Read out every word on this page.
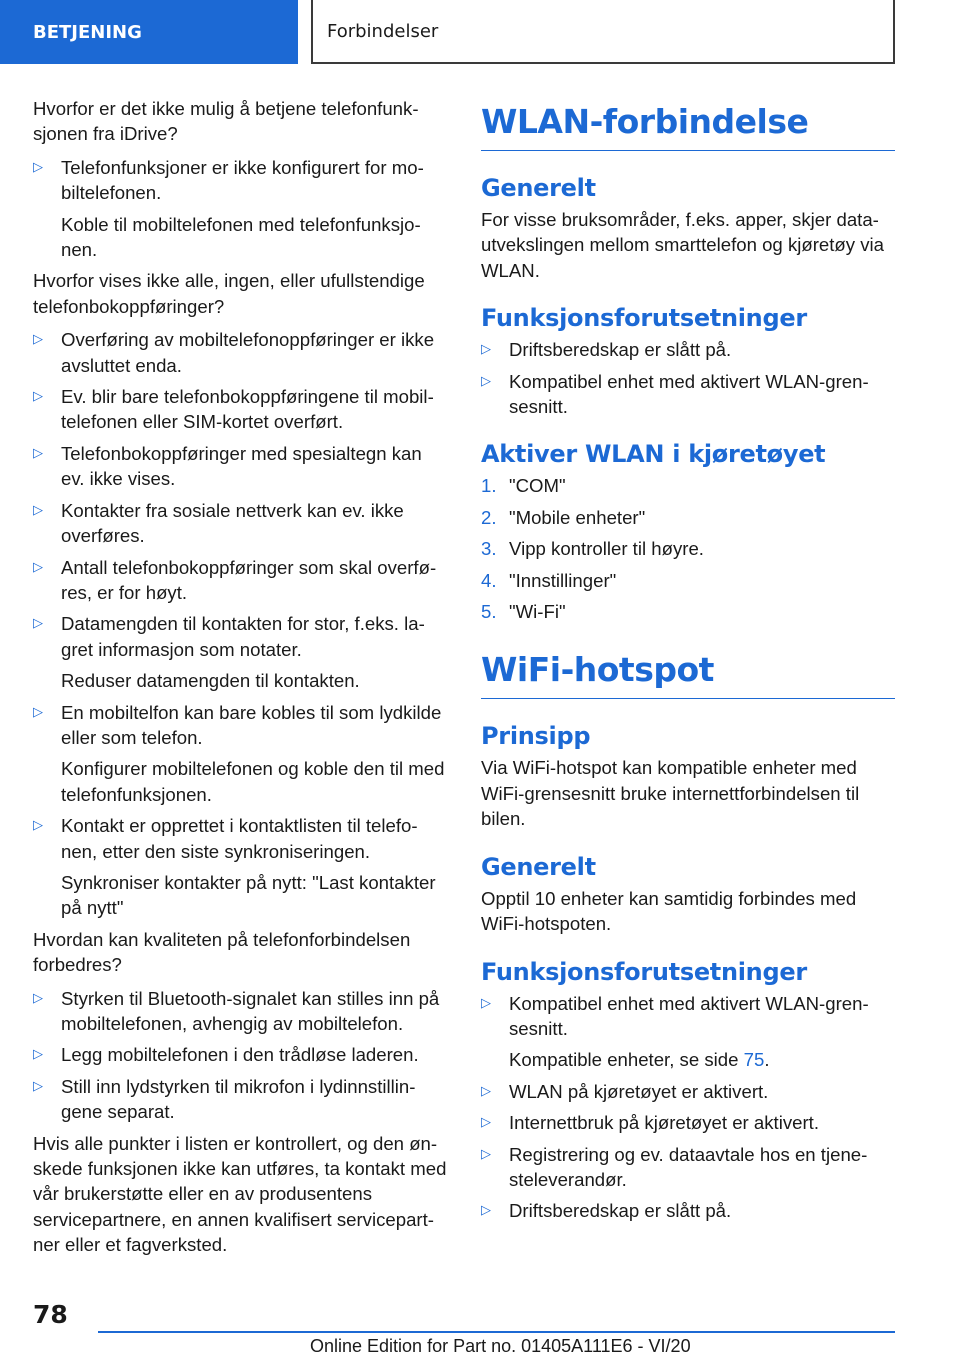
BETJENING	Forbindelser

Hvorfor er det ikke mulig å betjene telefonfunksjonen fra iDrive?

▷ Telefonfunksjoner er ikke konfigurert for mobiltelefonen.
Koble til mobiltelefonen med telefonfunksjonen.

Hvorfor vises ikke alle, ingen, eller ufullstendige telefonbokoppføringer?

▷ Overføring av mobiltelefonoppføringer er ikke avsluttet enda.
▷ Ev. blir bare telefonbokoppføringene til mobiltelefonen eller SIM-kortet overført.
▷ Telefonbokoppføringer med spesialtegn kan ev. ikke vises.
▷ Kontakter fra sosiale nettverk kan ev. ikke overføres.
▷ Antall telefonbokoppføringer som skal overføres, er for høyt.
▷ Datamengden til kontakten for stor, f.eks. lagret informasjon som notater.
Reduser datamengden til kontakten.
▷ En mobiltelfon kan bare kobles til som lydkilde eller som telefon.
Konfigurer mobiltelefonen og koble den til med telefonfunksjonen.
▷ Kontakt er opprettet i kontaktlisten til telefonen, etter den siste synkroniseringen.
Synkroniser kontakter på nytt: "Last kontakter på nytt"

Hvordan kan kvaliteten på telefonforbindelsen forbedres?

▷ Styrken til Bluetooth-signalet kan stilles inn på mobiltelefonen, avhengig av mobiltelefon.
▷ Legg mobiltelefonen i den trådløse laderen.
▷ Still inn lydstyrken til mikrofon i lydinnstillingene separat.

Hvis alle punkter i listen er kontrollert, og den ønskede funksjonen ikke kan utføres, ta kontakt med vår brukerstøtte eller en av produsentens servicepartnere, en annen kvalifisert servicepartner eller et fagverksted.

WLAN-forbindelse
Generelt

For visse bruksområder, f.eks. apper, skjer datautvekslingen mellom smarttelefon og kjøretøy via WLAN.

Funksjonsforutsetninger
▷ Driftsberedskap er slått på.
▷ Kompatibel enhet med aktivert WLAN-grensesnitt.
Aktiver WLAN i kjøretøyet
1. "COM"
2. "Mobile enheter"
3. Vipp kontroller til høyre.
4. "Innstillinger"
5. "Wi-Fi"
WiFi-hotspot
Prinsipp

Via WiFi-hotspot kan kompatible enheter med WiFi-grensesnitt bruke internettforbindelsen til bilen.

Generelt

Opptil 10 enheter kan samtidig forbindes med WiFi-hotspoten.

Funksjonsforutsetninger
▷ Kompatibel enhet med aktivert WLAN-grensesnitt.
Kompatible enheter, se side 75.
▷ WLAN på kjøretøyet er aktivert.
▷ Internettbruk på kjøretøyet er aktivert.
▷ Registrering og ev. dataavtale hos en tjenesteleverandør.
▷ Driftsberedskap er slått på.
78
Online Edition for Part no. 01405A111E6 - VI/20
